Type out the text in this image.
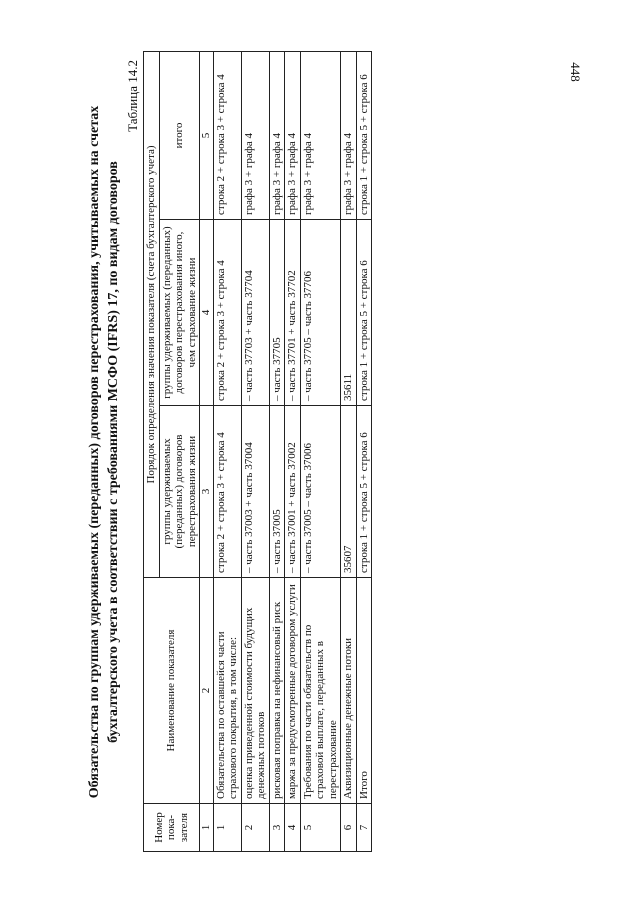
448
Обязательства по группам удерживаемых (переданных) договоров перестрахования, учитываемых на счетах бухгалтерского учета в соответствии с требованиями МСФО (IFRS) 17, по видам договоров
Таблица 14.2
Номер пока-зателя	Наименование показателя	Порядок определения значения показателя (счета бухгалтерского учета)		
		группы удерживаемых (переданных) договоров перестрахования жизни	группы удерживаемых (переданных) договоров перестрахования иного, чем страхование жизни	итого
1	2	3	4	5
1	Обязательства по оставшейся части страхового покрытия, в том числе:	строка 2 + строка 3 + строка 4	строка 2 + строка 3 + строка 4	строка 2 + строка 3 + строка 4
2	оценка приведенной стоимости будущих денежных потоков	– часть 37003 + часть 37004	– часть 37703 + часть 37704	графа 3 + графа 4
3	рисковая поправка на нефинансовый риск	– часть 37005	– часть 37705	графа 3 + графа 4
4	маржа за предусмотренные договором услуги	– часть 37001 + часть 37002	– часть 37701 + часть 37702	графа 3 + графа 4
5	Требования по части обязательств по страховой выплате, переданных в перестрахование	– часть 37005 – часть 37006	– часть 37705 – часть 37706	графа 3 + графа 4
6	Аквизиционные денежные потоки	35607	35611	графа 3 + графа 4
7	Итого	строка 1 + строка 5 + строка 6	строка 1 + строка 5 + строка 6	строка 1 + строка 5 + строка 6
